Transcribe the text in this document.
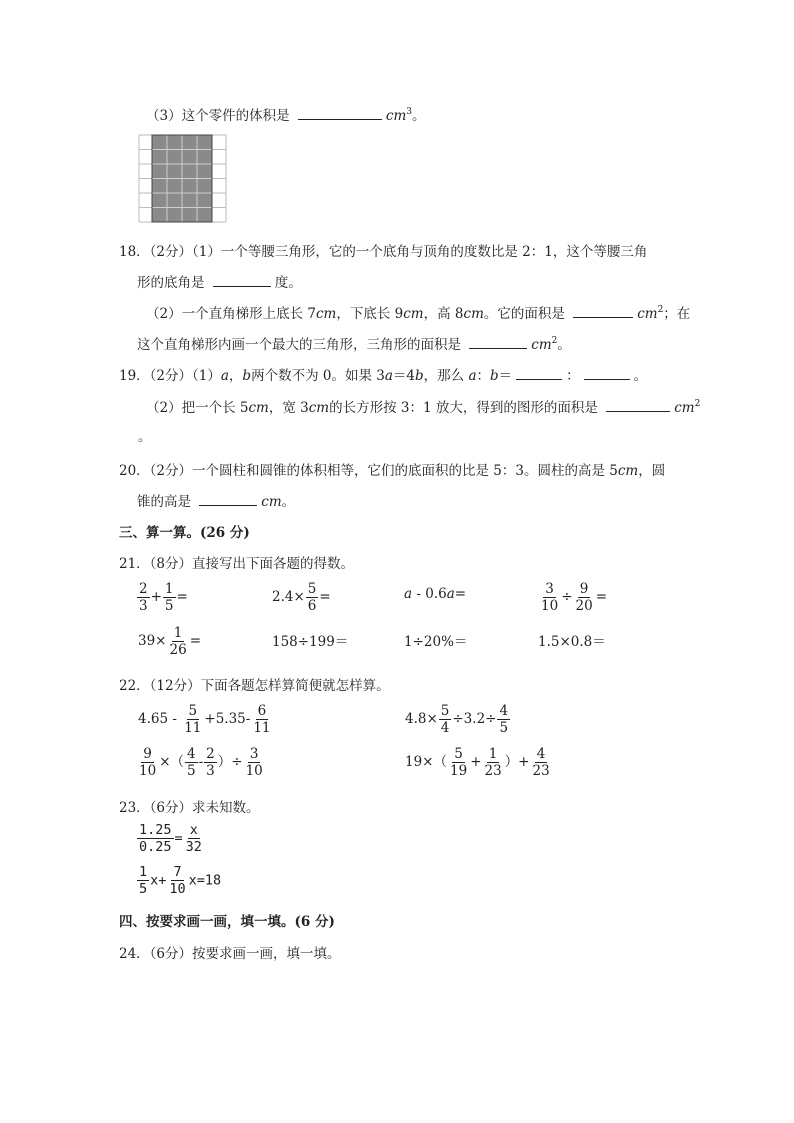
（3）这个零件的体积是	$cm^3$。
18．（2分）（1）一个等腰三角形，它的一个底角与顶角的度数比是 2：1，这个等腰三角
形的底角是	度。
（2）一个直角梯形上底长 7cm，下底长 9cm，高 8cm。它的面积是	$cm^2$；在
这个直角梯形内画一个最大的三角形，三角形的面积是	$cm^2$。
19．（2分）（1）a，b两个数不为 0。如果 3a＝4b，那么 a：b＝	：	。
（2）把一个长 5cm，宽 3cm的长方形按 3：1 放大，得到的图形的面积是	$cm^2$
。
20．（2分）一个圆柱和圆锥的体积相等，它们的底面积的比是 5：3。圆柱的高是 5cm，圆
锥的高是	cm。
三、算一算。(26 分)
21．（8分）直接写出下面各题的得数。
$\frac{2}{3} + \frac{1}{5}$ =	$2.4\times \frac{5}{6}$ =	a - 0.6a=	$\frac{3}{10} \div \frac{9}{20}$ =
$39\times \frac{1}{26}$ =	158÷199＝	1÷20%＝	1.5×0.8＝
22．（12分）下面各题怎样算简便就怎样算。
$4.65 - \frac{5}{11} +5.35- \frac{6}{11}$	$4.8\times \frac{5}{4} \div 3.2\div \frac{4}{5}$
$\frac{9}{10}$ ×（ $\frac{4}{5} - \frac{2}{3}$ ）÷ $\frac{3}{10}$	$19\times( \frac{5}{19} + \frac{1}{23}$ ）+ $\frac{4}{23}$
23．（6分）求未知数。
$\frac{1.25}{0.25} = \frac{x}{32}$
$\frac{1}{5} x+ \frac{7}{10} x=18$
四、按要求画一画，填一填。(6 分)
24．（6分）按要求画一画，填一填。
